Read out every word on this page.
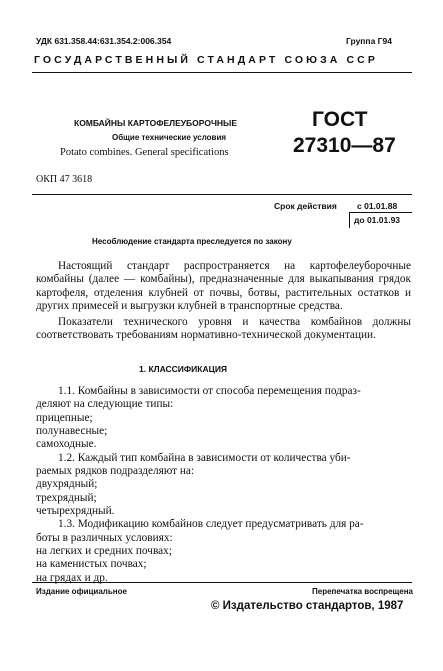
УДК 631.358.44:631.354.2:006.354	Группа Г94
ГОСУДАРСТВЕННЫЙ СТАНДАРТ СОЮЗА ССР
КОМБАЙНЫ КАРТОФЕЛЕУБОРОЧНЫЕ
Общие технические условия
Potato combines. General specifications
ГОСТ
27310—87
ОКП 47 3618
Срок действия с 01.01.88
до 01.01.93
Несоблюдение стандарта преследуется по закону
Настоящий стандарт распространяется на картофелеуборочные комбайны (далее — комбайны), предназначенные для выкапывания грядок картофеля, отделения клубней от почвы, ботвы, растительных остатков и других примесей и выгрузки клубней в транспортные средства.
Показатели технического уровня и качества комбайнов должны соответствовать требованиям нормативно-технической документации.
1. КЛАССИФИКАЦИЯ
1.1. Комбайны в зависимости от способа перемещения подраз-
деляют на следующие типы:
прицепные;
полунавесные;
самоходные.
1.2. Каждый тип комбайна в зависимости от количества уби-
раемых рядков подразделяют на:
двухрядный;
трехрядный;
четырехрядный.
1.3. Модификацию комбайнов следует предусматривать для ра-
боты в различных условиях:
на легких и средних почвах;
на каменистых почвах;
на грядах и др.
Издание официальное	Перепечатка воспрещена
© Издательство стандартов, 1987
